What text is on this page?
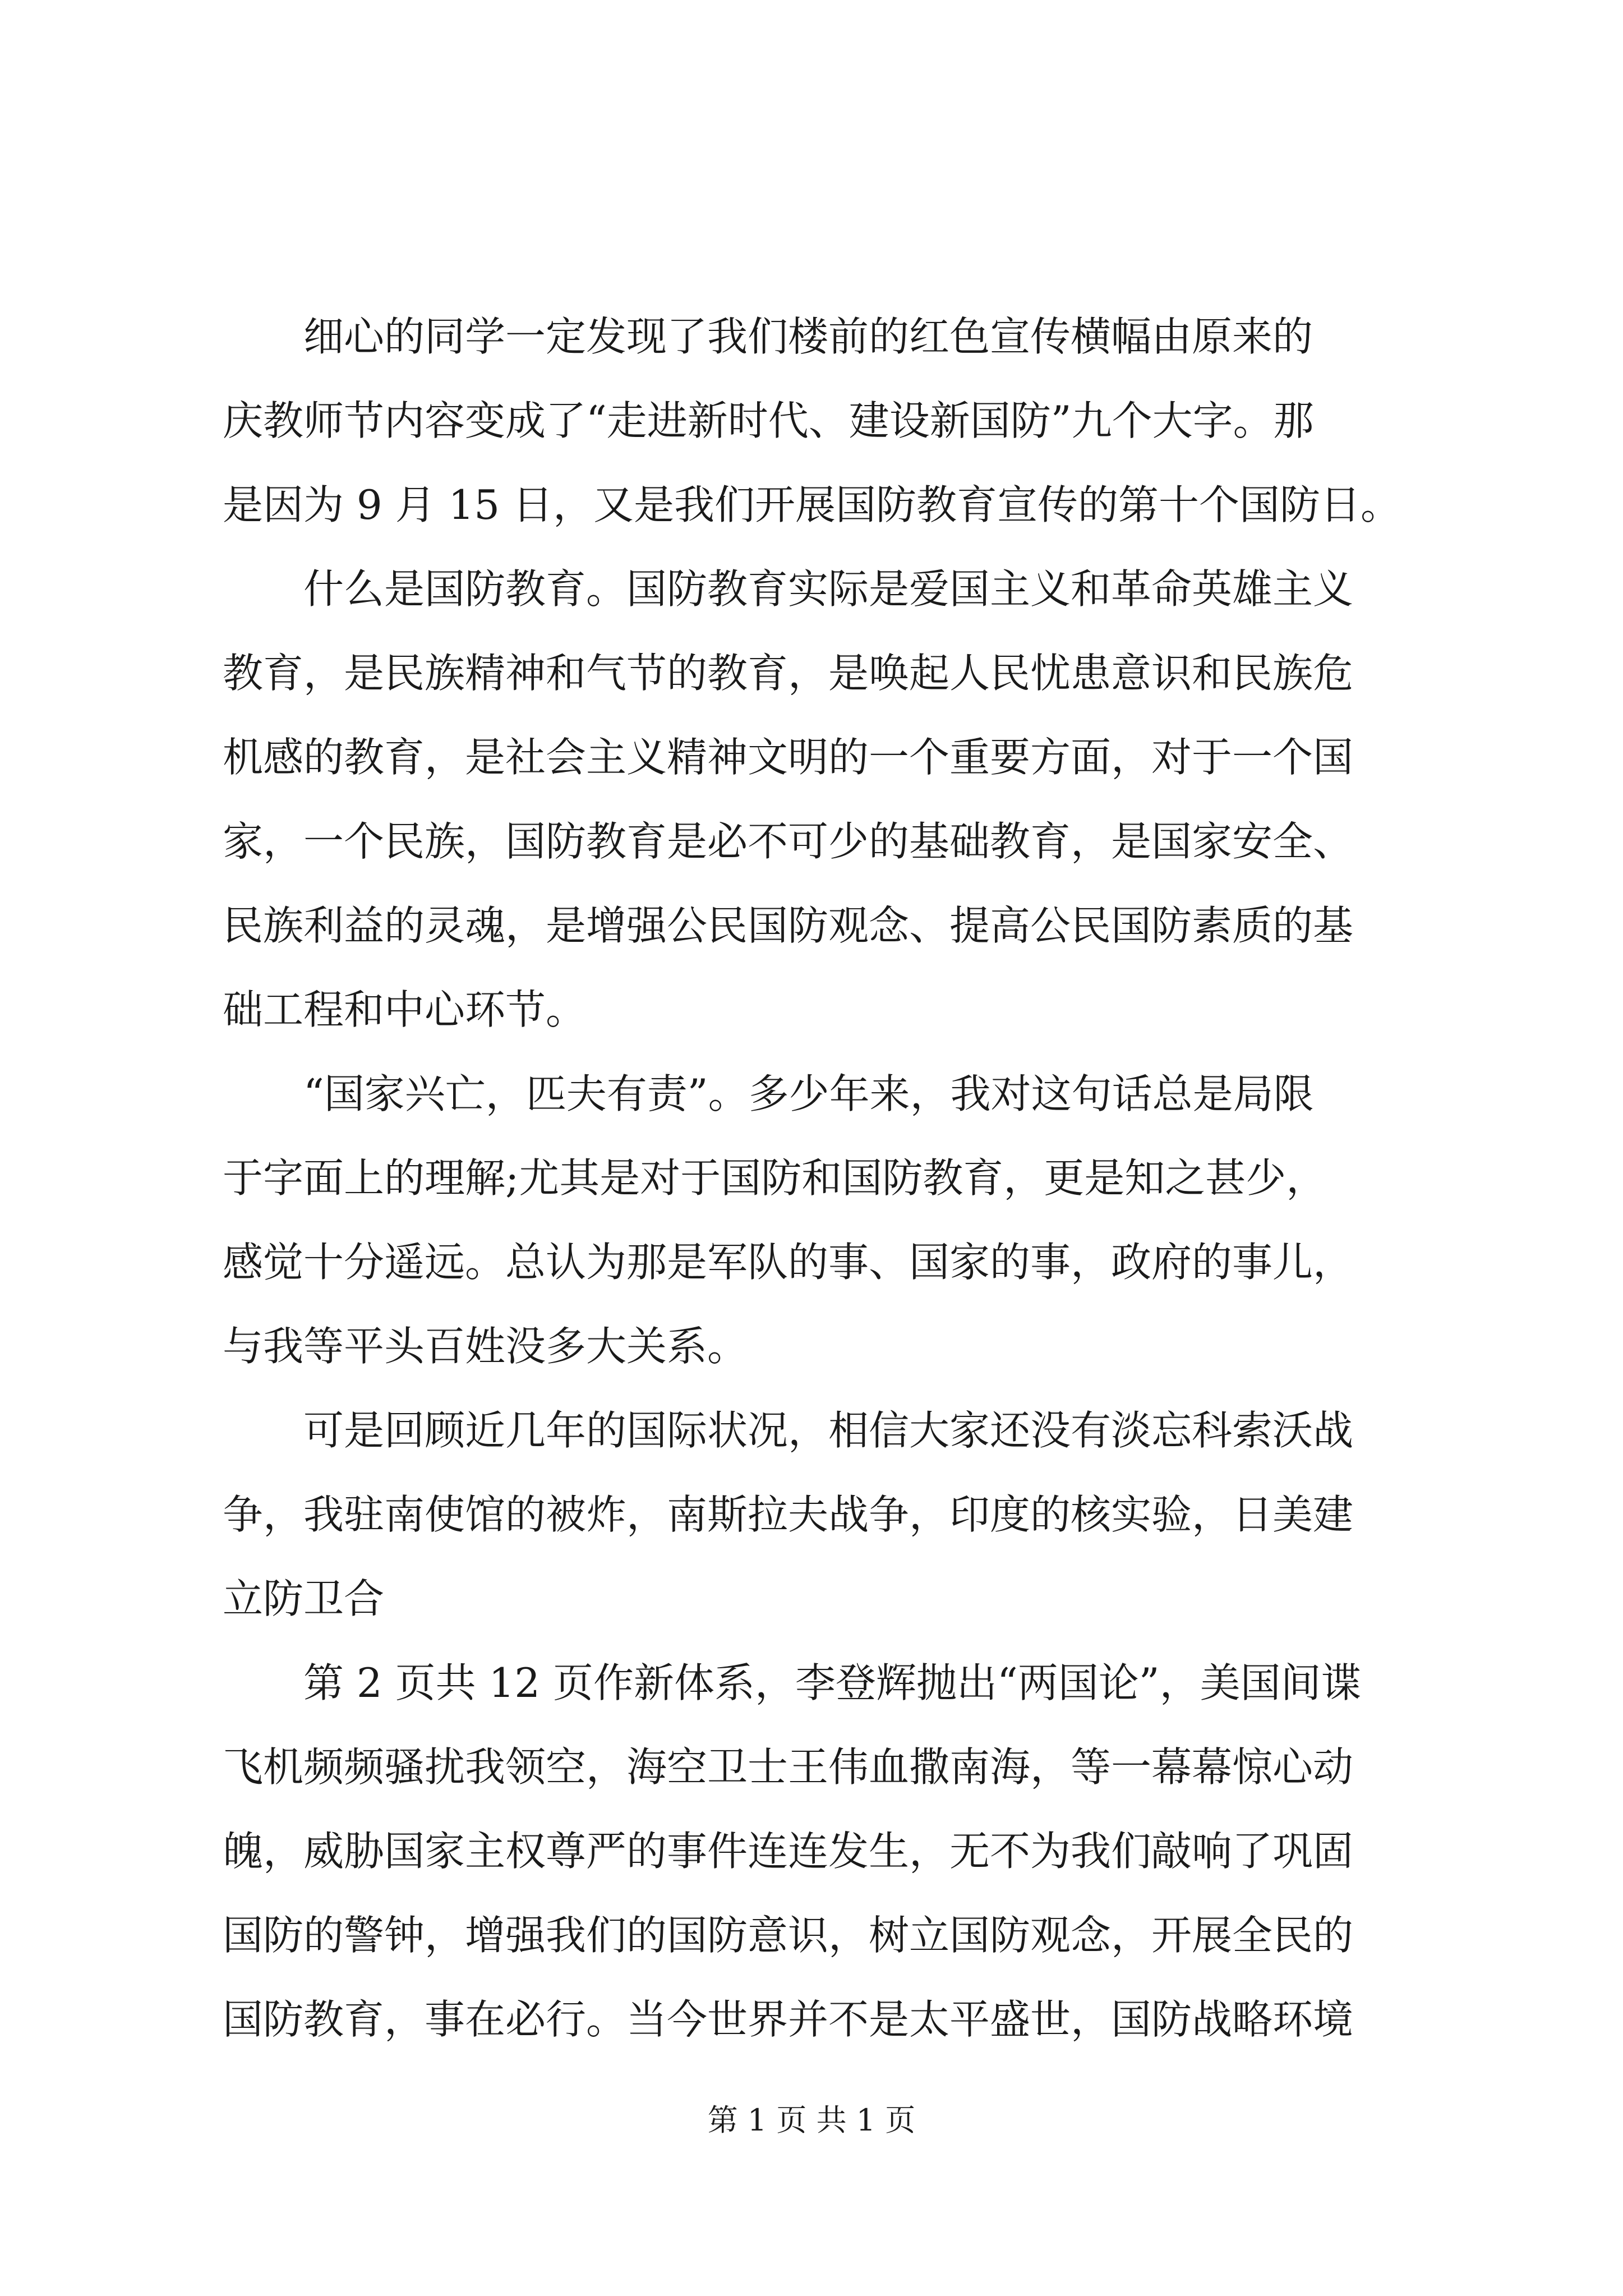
细心的同学一定发现了我们楼前的红色宣传横幅由原来的
庆教师节内容变成了“走进新时代、建设新国防”九个大字。那
是因为 9 月 15 日，又是我们开展国防教育宣传的第十个国防日。
什么是国防教育。国防教育实际是爱国主义和革命英雄主义
教育，是民族精神和气节的教育，是唤起人民忧患意识和民族危
机感的教育，是社会主义精神文明的一个重要方面，对于一个国
家，一个民族，国防教育是必不可少的基础教育，是国家安全、
民族利益的灵魂，是增强公民国防观念、提高公民国防素质的基
础工程和中心环节。
“国家兴亡，匹夫有责”。多少年来，我对这句话总是局限
于字面上的理解;尤其是对于国防和国防教育，更是知之甚少，
感觉十分遥远。总认为那是军队的事、国家的事，政府的事儿，
与我等平头百姓没多大关系。
可是回顾近几年的国际状况，相信大家还没有淡忘科索沃战
争，我驻南使馆的被炸，南斯拉夫战争，印度的核实验，日美建
立防卫合
第 2 页共 12 页作新体系，李登辉抛出“两国论”，美国间谍
飞机频频骚扰我领空，海空卫士王伟血撒南海，等一幕幕惊心动
魄，威胁国家主权尊严的事件连连发生，无不为我们敲响了巩固
国防的警钟，增强我们的国防意识，树立国防观念，开展全民的
国防教育，事在必行。当今世界并不是太平盛世，国防战略环境
第 1 页 共 1 页
